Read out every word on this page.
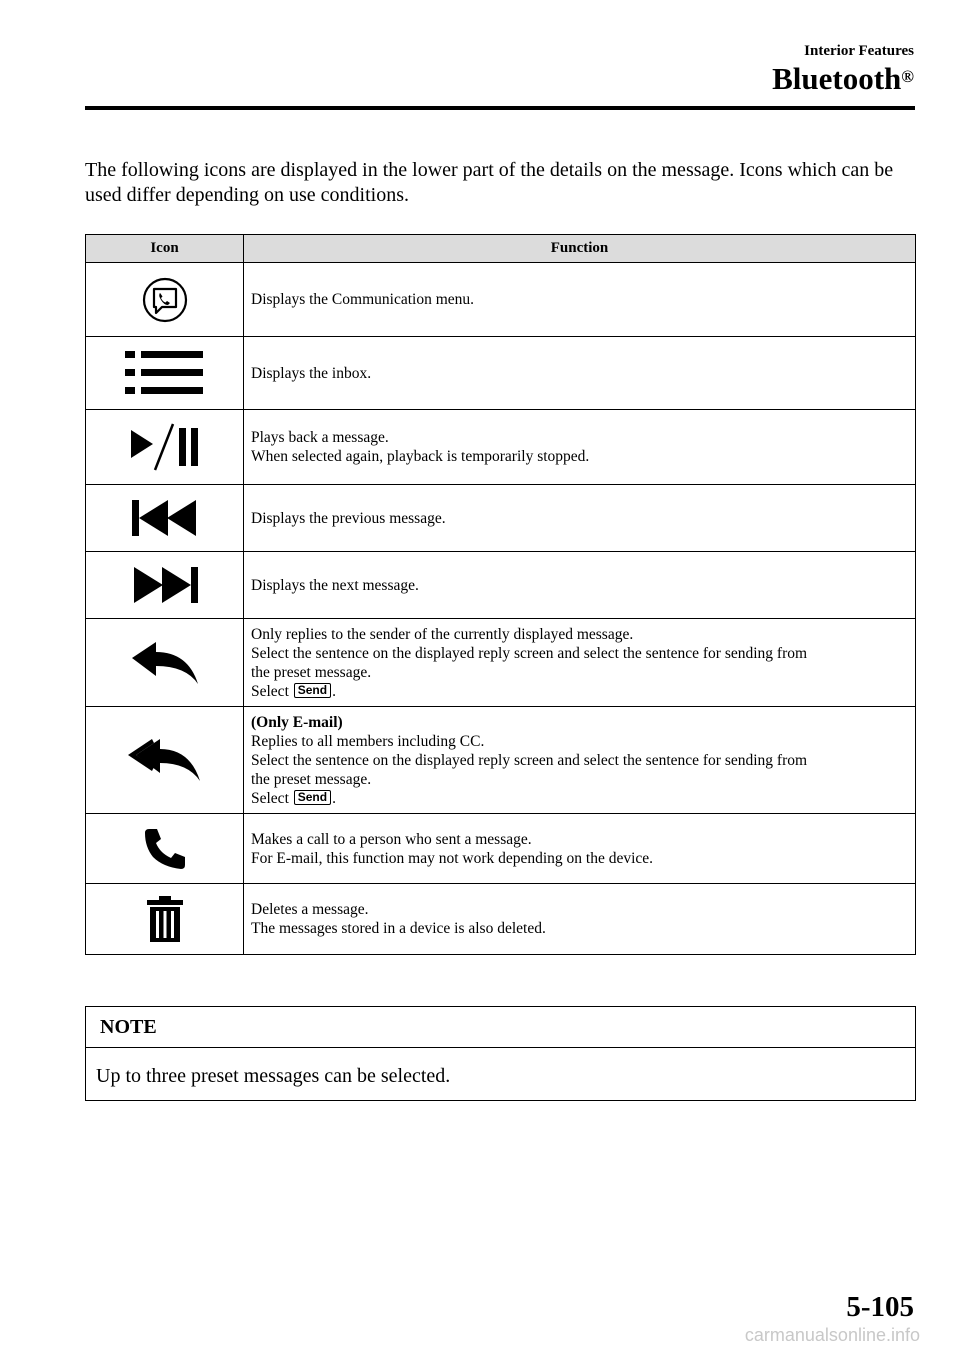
Interior Features
Bluetooth®

The following icons are displayed in the lower part of the details on the message. Icons which can be used differ depending on use conditions.

Icon	Function

Displays the Communication menu.

Displays the inbox.

Plays back a message.
When selected again, playback is temporarily stopped.

Displays the previous message.

Displays the next message.

Only replies to the sender of the currently displayed message.
Select the sentence on the displayed reply screen and select the sentence for sending from
the preset message.
Select Send .

(Only E-mail)
Replies to all members including CC.
Select the sentence on the displayed reply screen and select the sentence for sending from
the preset message.
Select Send .

Makes a call to a person who sent a message.
For E-mail, this function may not work depending on the device.

Deletes a message.
The messages stored in a device is also deleted.
NOTE
Up to three preset messages can be selected.
5-105
carmanualsonline.info
